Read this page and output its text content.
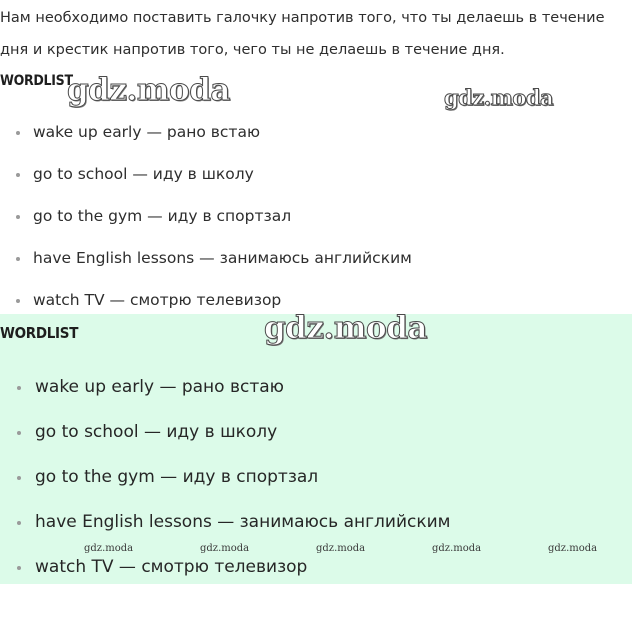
Нам необходимо поставить галочку напротив того, что ты делаешь в течение
дня и крестик напротив того, чего ты не делаешь в течение дня.
WORDLIST
wake up early — рано встаю
go to school — иду в школу
go to the gym — иду в спортзал
have English lessons — занимаюсь английским
watch TV — смотрю телевизор
WORDLIST
wake up early — рано встаю
go to school — иду в школу
go to the gym — иду в спортзал
have English lessons — занимаюсь английским
watch TV — смотрю телевизор
gdz.moda	gdz.moda
gdz.moda
gdz.moda	gdz.moda	gdz.moda	gdz.moda	gdz.moda
